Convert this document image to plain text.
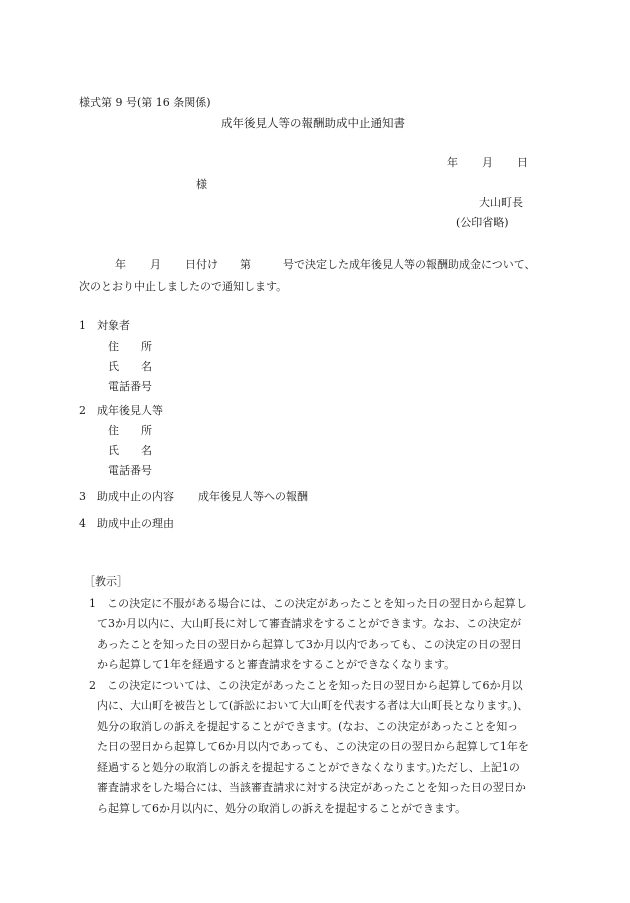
様式第 9 号(第 16 条関係)
成年後見人等の報酬助成中止通知書
年 月 日
様
大山町長
(公印省略)
年 月 日付け 第	号で決定した成年後見人等の報酬助成金について、
次のとおり中止しましたので通知します。
1 対象者
住　　所
氏　　名
電話番号
2 成年後見人等
住　　所
氏　　名
電話番号
3 助成中止の内容 成年後見人等への報酬
4 助成中止の理由
［教示］
1　この決定に不服がある場合には、この決定があったことを知った日の翌日から起算し
て3か月以内に、大山町長に対して審査請求をすることができます。なお、この決定が
あったことを知った日の翌日から起算して3か月以内であっても、この決定の日の翌日
から起算して1年を経過すると審査請求をすることができなくなります。
2　この決定については、この決定があったことを知った日の翌日から起算して6か月以
内に、大山町を被告として(訴訟において大山町を代表する者は大山町長となります。)、
処分の取消しの訴えを提起することができます。(なお、この決定があったことを知っ
た日の翌日から起算して6か月以内であっても、この決定の日の翌日から起算して1年を
経過すると処分の取消しの訴えを提起することができなくなります。)ただし、上記1の
審査請求をした場合には、当該審査請求に対する決定があったことを知った日の翌日か
ら起算して6か月以内に、処分の取消しの訴えを提起することができます。
